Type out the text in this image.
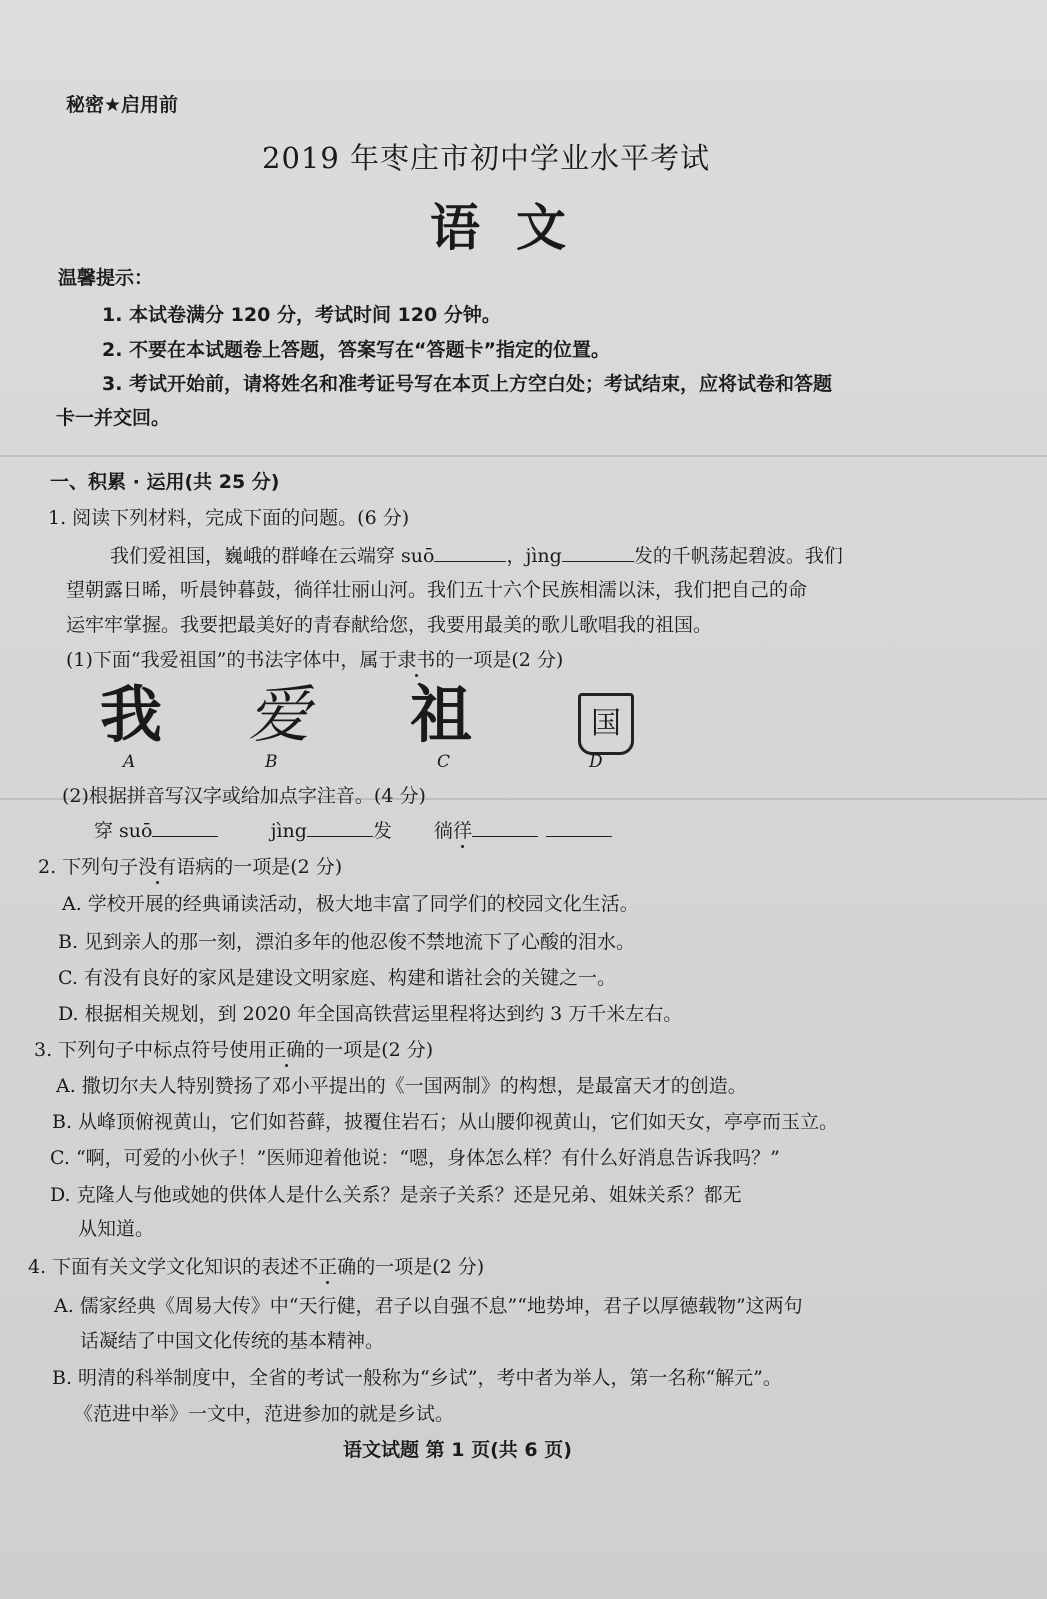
秘密★启用前
2019 年枣庄市初中学业水平考试
语文
温馨提示：
1. 本试卷满分 120 分，考试时间 120 分钟。
2. 不要在本试题卷上答题，答案写在“答题卡”指定的位置。
3. 考试开始前，请将姓名和准考证号写在本页上方空白处；考试结束，应将试卷和答题
卡一并交回。
一、积累 · 运用(共 25 分)
1. 阅读下列材料，完成下面的问题。(6 分)
我们爱祖国，巍峨的群峰在云端穿 suō	，jìng	发的千帆荡起碧波。我们
望朝露日晞，听晨钟暮鼓，徜徉壮丽山河。我们五十六个民族相濡以沫，我们把自己的命
运牢牢掌握。我要把最美好的青春献给您，我要用最美的歌儿歌唱我的祖国。
(1)下面“我爱祖国”的书法字体中，属于隶书的一项是(2 分)
我 爱 祖	国
A	B	C	D
(2)根据拼音写汉字或给加点字注音。(4 分)
穿 suō	jìng	发 徜徉
2. 下列句子没有语病的一项是(2 分)
A. 学校开展的经典诵读活动，极大地丰富了同学们的校园文化生活。
B. 见到亲人的那一刻，漂泊多年的他忍俊不禁地流下了心酸的泪水。
C. 有没有良好的家风是建设文明家庭、构建和谐社会的关键之一。
D. 根据相关规划，到 2020 年全国高铁营运里程将达到约 3 万千米左右。
3. 下列句子中标点符号使用正确的一项是(2 分)
A. 撒切尔夫人特别赞扬了邓小平提出的《一国两制》的构想，是最富天才的创造。
B. 从峰顶俯视黄山，它们如苔藓，披覆住岩石；从山腰仰视黄山，它们如天女，亭亭而玉立。
C. “啊，可爱的小伙子！”医师迎着他说：“嗯，身体怎么样？有什么好消息告诉我吗？”
D. 克隆人与他或她的供体人是什么关系？是亲子关系？还是兄弟、姐妹关系？都无
从知道。
4. 下面有关文学文化知识的表述不正确的一项是(2 分)
A. 儒家经典《周易大传》中“天行健，君子以自强不息”“地势坤，君子以厚德载物”这两句
话凝结了中国文化传统的基本精神。
B. 明清的科举制度中，全省的考试一般称为“乡试”，考中者为举人，第一名称“解元”。
《范进中举》一文中，范进参加的就是乡试。
语文试题 第 1 页(共 6 页)
